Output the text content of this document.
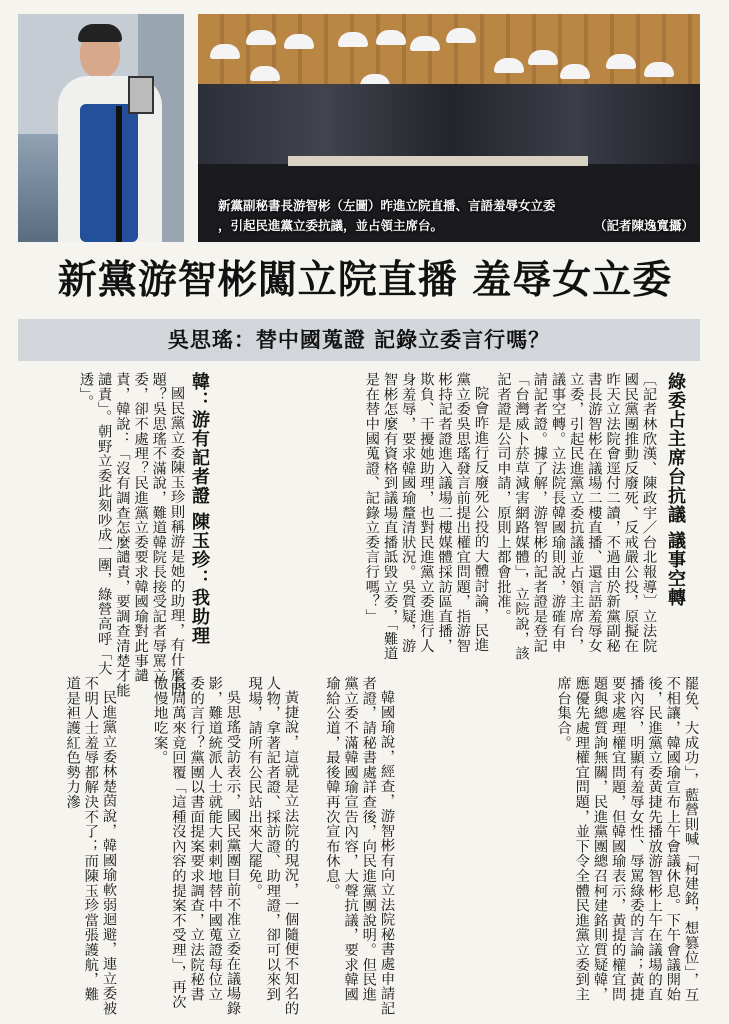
新黨副秘書長游智彬（左圖）昨進立院直播、言語羞辱女立委
，引起民進黨立委抗議，並占領主席台。	（記者陳逸寬攝）
新黨游智彬闖立院直播 羞辱女立委
吳思瑤：替中國蒐證 記錄立委言行嗎？
綠委占主席台抗議 議事空轉

〔記者林欣漢、陳政宇／台北報導〕立法院國民黨團推動反廢死、反戒嚴公投，原擬在昨天立法院會逕付二讀，不過由於新黨副秘書長游智彬在議場二樓直播、還言語羞辱女立委，引起民進黨立委抗議並占領主席台，議事空轉。立法院長韓國瑜則說，游確有申請記者證。據了解，游智彬的記者證是登記「台灣威卜菸草減害網路媒體」，立院說，該記者證是公司申請，原則上都會批准。

院會昨進行反廢死公投的大體討論，民進黨立委吳思瑤發言前提出權宜問題，指游智彬持記者證進入議場二樓媒體採訪區直播，欺負、干擾她助理，也對民進黨立委進行人身羞辱，要求韓國瑜釐清狀況。吳質疑，游智彬怎麼有資格到議場直播詆毀立委，「難道是在替中國蒐證、記錄立委言行嗎？」

韓：游有記者證 陳玉珍：我助理

國民黨立委陳玉珍則稱游是她的助理，有什麼問題？吳思瑤不滿說，難道韓院長接受記者辱罵立委，卻不處理？民進黨立委要求韓國瑜對此事譴責，韓說：「沒有調查怎麼譴責，要調查清楚才能譴責」。朝野立委此刻吵成一團，綠營高呼「大透」。

罷免、大成功」，藍營則喊「柯建銘，想篡位」，互不相讓，韓國瑜宣布上午會議休息。下午會議開始後，民進黨立委黃捷先播放游智彬上午在議場的直播內容，明顯有羞辱女性、辱罵綠委的言論；黃捷要求處理權宜問題，但韓國瑜表示，黃提的權宜問題與總質詢無關，民進黨團總召柯建銘則質疑韓，應優先處理權宜問題，並下令全體民進黨立委到主席台集合。

韓國瑜說，經查，游智彬有向立法院秘書處申請記者證，請秘書處詳查後，向民進黨團說明。但民進黨立委不滿韓國瑜宣告內容，大聲抗議，要求韓國瑜給公道，最後韓再次宣布休息。

黃捷說，這就是立法院的現況，一個隨便不知名的人物，拿著記者證、採訪證、助理證，卻可以來到現場，請所有公民站出來大罷免。

吳思瑤受訪表示，國民黨團目前不准立委在議場錄影，難道統派人士就能大剌剌地替中國蒐證每位立委的言行？黨團以書面提案要求調查，立法院秘書長周萬來竟回覆「這種沒內容的提案不受理」，再次傲慢地吃案。

民進黨立委林楚茵說，韓國瑜軟弱迴避，連立委被不明人士羞辱都解決不了；而陳玉珍當張護航，難道是袒護紅色勢力滲
